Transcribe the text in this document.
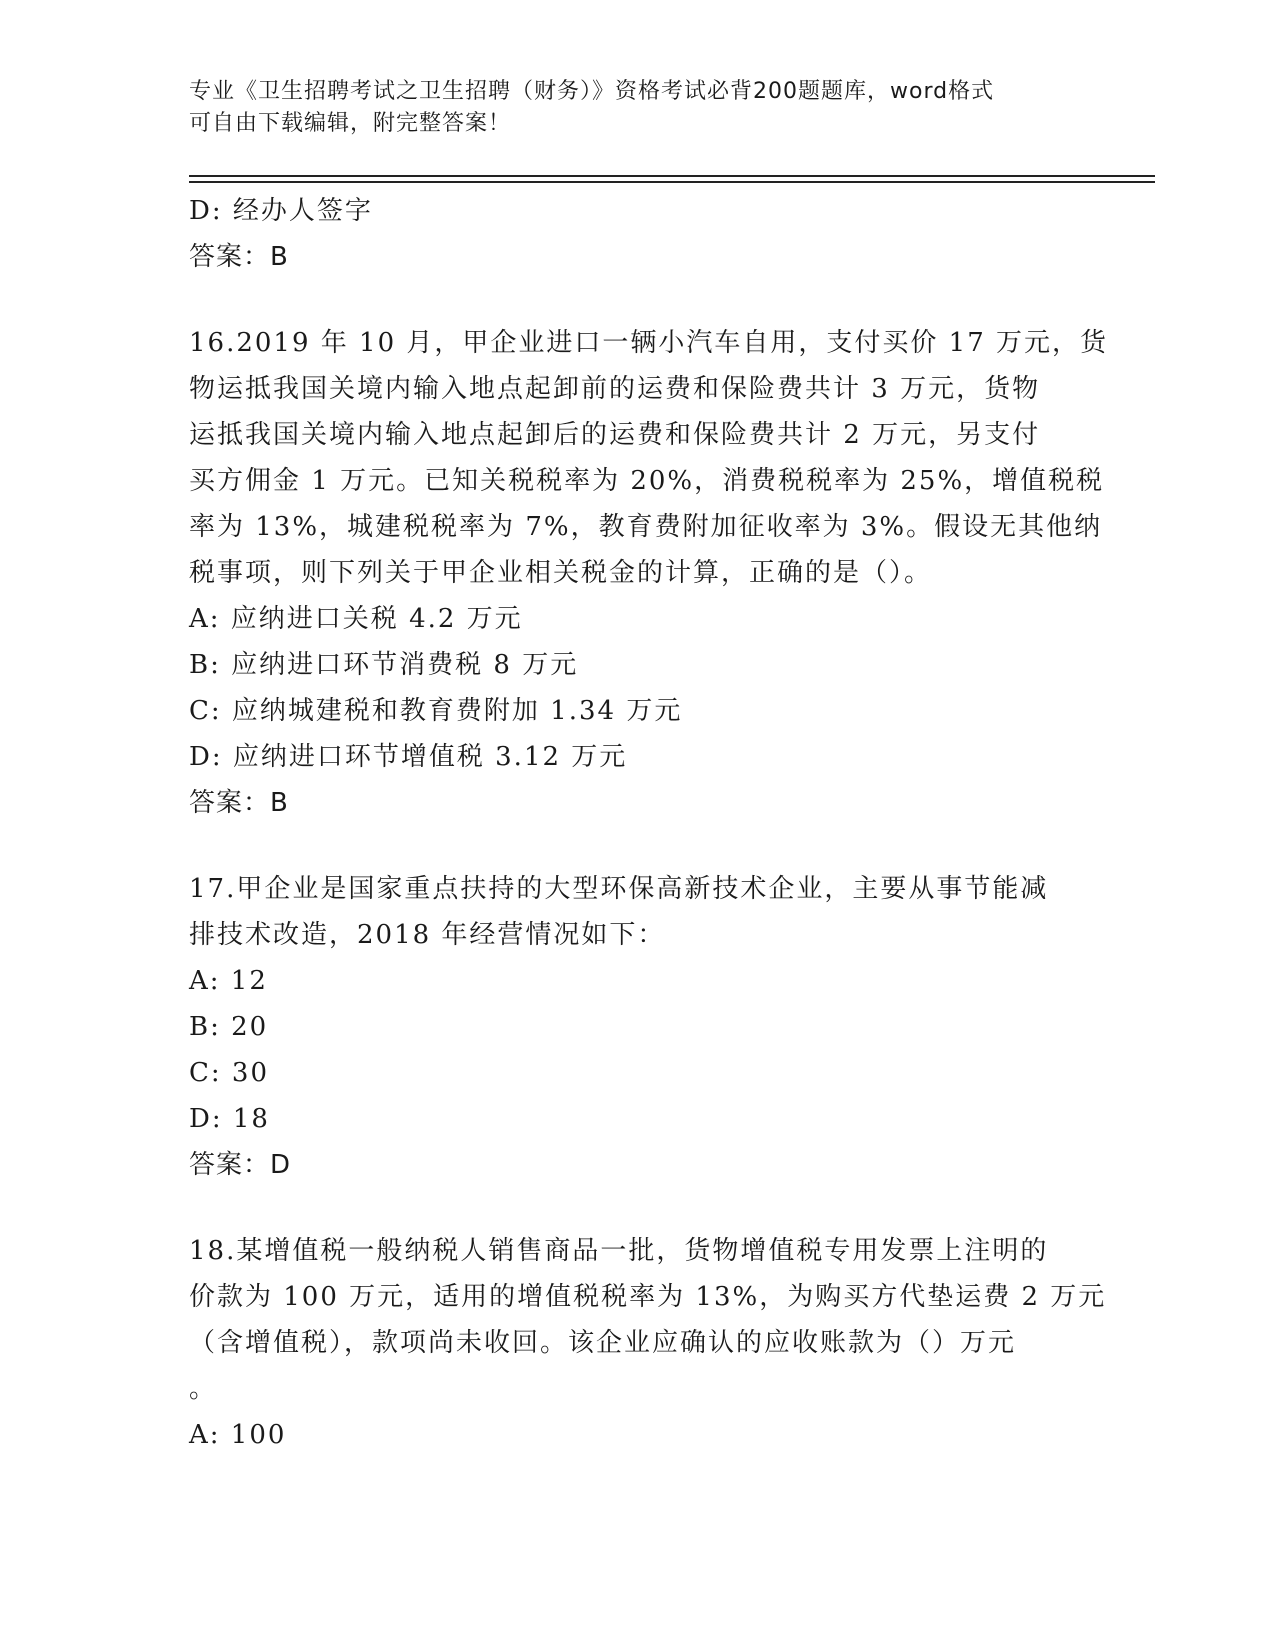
专业《卫生招聘考试之卫生招聘（财务）》资格考试必背200题题库，word格式
可自由下载编辑，附完整答案！
D: 经办人签字
答案：B
16.2019 年 10 月，甲企业进口一辆小汽车自用，支付买价 17 万元，货
物运抵我国关境内输入地点起卸前的运费和保险费共计 3 万元，货物
运抵我国关境内输入地点起卸后的运费和保险费共计 2 万元，另支付
买方佣金 1 万元。已知关税税率为 20%，消费税税率为 25%，增值税税
率为 13%，城建税税率为 7%，教育费附加征收率为 3%。假设无其他纳
税事项，则下列关于甲企业相关税金的计算，正确的是（）。
A: 应纳进口关税 4.2 万元
B: 应纳进口环节消费税 8 万元
C: 应纳城建税和教育费附加 1.34 万元
D: 应纳进口环节增值税 3.12 万元
答案：B
17.甲企业是国家重点扶持的大型环保高新技术企业，主要从事节能减
排技术改造，2018 年经营情况如下：
A: 12
B: 20
C: 30
D: 18
答案：D
18.某增值税一般纳税人销售商品一批，货物增值税专用发票上注明的
价款为 100 万元，适用的增值税税率为 13%，为购买方代垫运费 2 万元
（含增值税），款项尚未收回。该企业应确认的应收账款为（）万元
。
A: 100
